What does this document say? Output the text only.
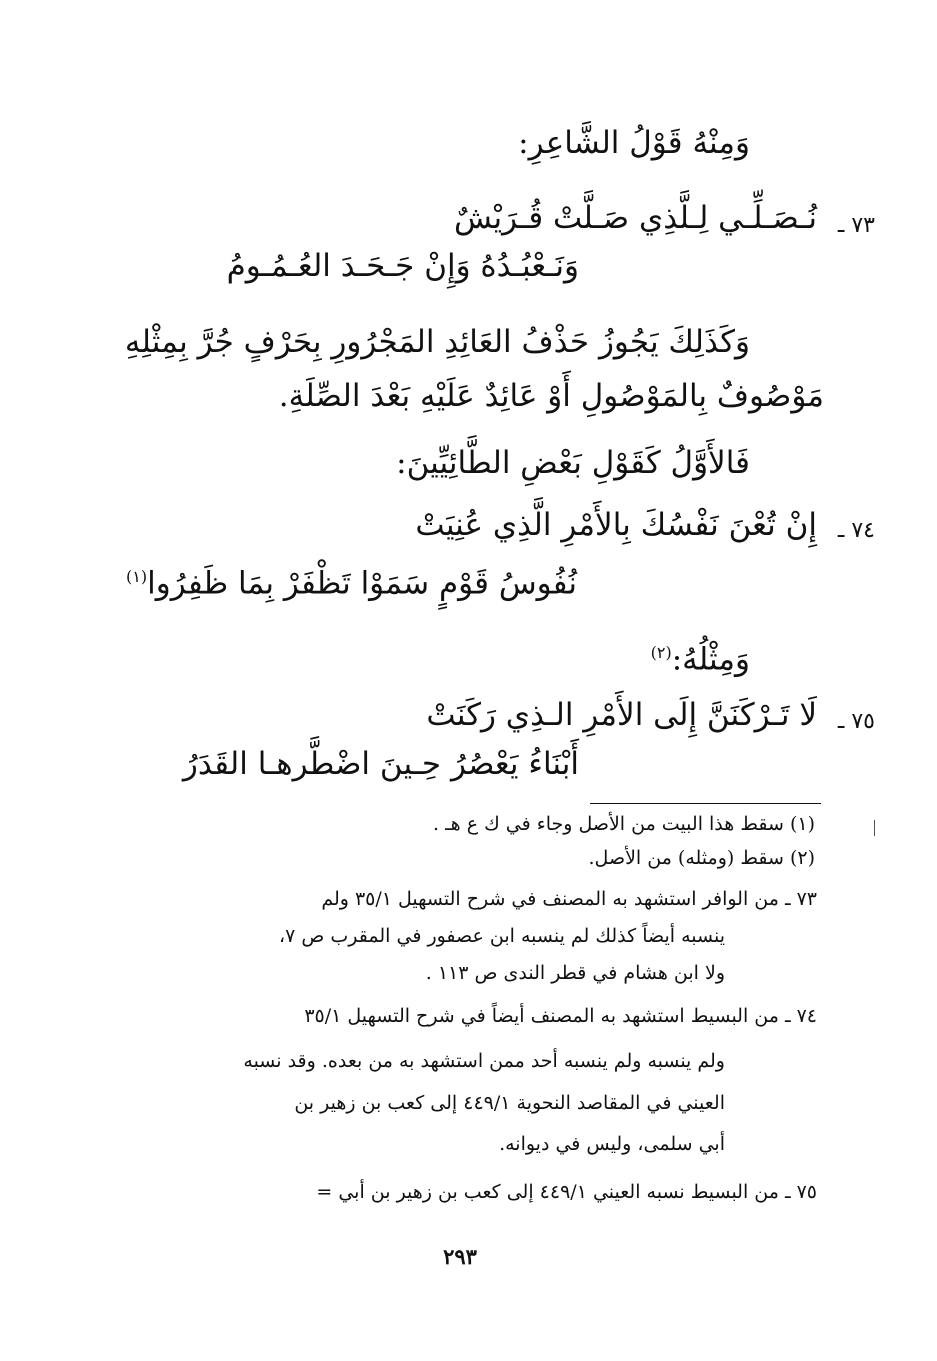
وَمِنْهُ قَوْلُ الشَّاعِرِ:
٧٣ ـ
نُـصَـلِّـي لِـلَّذِي صَـلَّتْ قُـرَيْشٌ
وَنَـعْبُـدُهُ وَإِنْ جَـحَـدَ العُـمُـومُ
وَكَذَلِكَ يَجُوزُ حَذْفُ العَائِدِ المَجْرُورِ بِحَرْفٍ جُرَّ بِمِثْلِهِ
مَوْصُوفٌ بِالمَوْصُولِ أَوْ عَائِدٌ عَلَيْهِ بَعْدَ الصِّلَةِ.
فَالأَوَّلُ كَقَوْلِ بَعْضِ الطَّائِيِّينَ:
٧٤ ـ
إِنْ تُعْنَ نَفْسُكَ بِالأَمْرِ الَّذِي عُنِيَتْ
نُفُوسُ قَوْمٍ سَمَوْا تَظْفَرْ بِمَا ظَفِرُوا$^{(١)}$
وَمِثْلُهُ:$^{(٢)}$
٧٥ ـ
لَا تَـرْكَنَنَّ إِلَى الأَمْرِ الـذِي رَكَنَتْ
أَبْنَاءُ يَعْصُرُ حِـينَ اضْطَّرهـا القَدَرُ
(١) سقط هذا البيت من الأصل وجاء في ك ع هـ .
(٢) سقط (ومثله) من الأصل.
٧٣ ـ من الوافر استشهد به المصنف في شرح التسهيل ٣٥/١ ولم
ينسبه أيضاً كذلك لم ينسبه ابن عصفور في المقرب ص ٧،
ولا ابن هشام في قطر الندى ص ١١٣ .
٧٤ ـ من البسيط استشهد به المصنف أيضاً في شرح التسهيل ٣٥/١
ولم ينسبه ولم ينسبه أحد ممن استشهد به من بعده. وقد نسبه
العيني في المقاصد النحوية ٤٤٩/١ إلى كعب بن زهير بن
أبي سلمى، وليس في ديوانه.
٧٥ ـ من البسيط نسبه العيني ٤٤٩/١ إلى كعب بن زهير بن أبي =
٢٩٣
